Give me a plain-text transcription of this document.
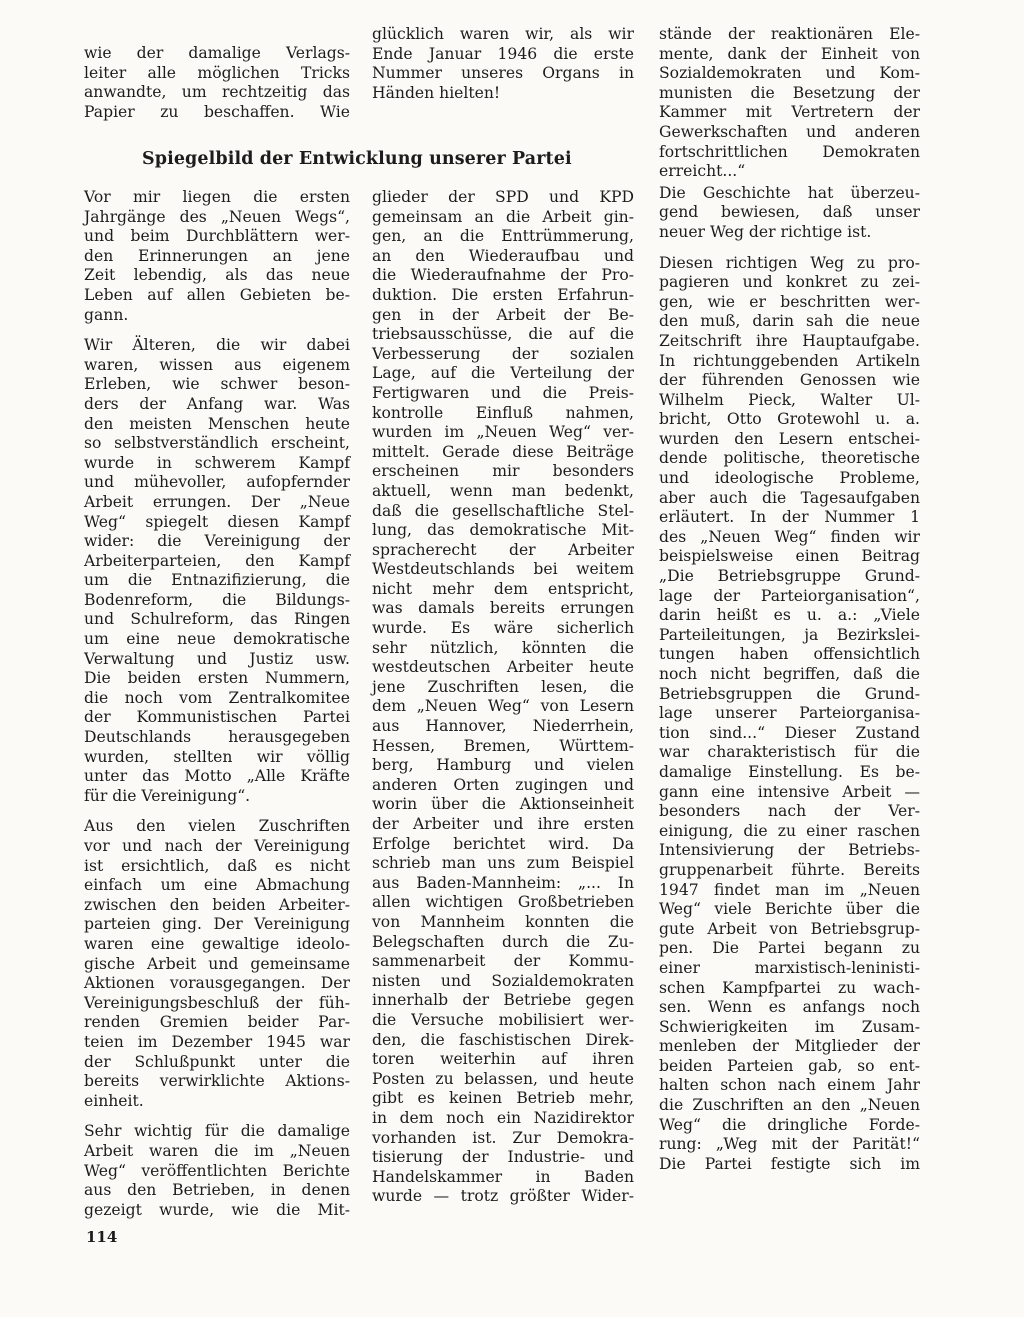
wie der damalige Verlags-
leiter alle möglichen Tricks
anwandte, um rechtzeitig das
Papier zu beschaffen. Wie

glücklich waren wir, als wir
Ende Januar 1946 die erste
Nummer unseres Organs in
Händen hielten!

Spiegelbild der Entwicklung unserer Partei

Vor mir liegen die ersten
Jahrgänge des „Neuen Wegs“,
und beim Durchblättern wer-
den Erinnerungen an jene
Zeit lebendig, als das neue
Leben auf allen Gebieten be-
gann.

Wir Älteren, die wir dabei
waren, wissen aus eigenem
Erleben, wie schwer beson-
ders der Anfang war. Was
den meisten Menschen heute
so selbstverständlich erscheint,
wurde in schwerem Kampf
und mühevoller, aufopfernder
Arbeit errungen. Der „Neue
Weg“ spiegelt diesen Kampf
wider: die Vereinigung der
Arbeiterparteien, den Kampf
um die Entnazifizierung, die
Bodenreform, die Bildungs-
und Schulreform, das Ringen
um eine neue demokratische
Verwaltung und Justiz usw.
Die beiden ersten Nummern,
die noch vom Zentralkomitee
der Kommunistischen Partei
Deutschlands herausgegeben
wurden, stellten wir völlig
unter das Motto „Alle Kräfte
für die Vereinigung“.

Aus den vielen Zuschriften
vor und nach der Vereinigung
ist ersichtlich, daß es nicht
einfach um eine Abmachung
zwischen den beiden Arbeiter-
parteien ging. Der Vereinigung
waren eine gewaltige ideolo-
gische Arbeit und gemeinsame
Aktionen vorausgegangen. Der
Vereinigungsbeschluß der füh-
renden Gremien beider Par-
teien im Dezember 1945 war
der Schlußpunkt unter die
bereits verwirklichte Aktions-
einheit.

Sehr wichtig für die damalige
Arbeit waren die im „Neuen
Weg“ veröffentlichten Berichte
aus den Betrieben, in denen
gezeigt wurde, wie die Mit-

glieder der SPD und KPD
gemeinsam an die Arbeit gin-
gen, an die Enttrümmerung,
an den Wiederaufbau und
die Wiederaufnahme der Pro-
duktion. Die ersten Erfahrun-
gen in der Arbeit der Be-
triebsausschüsse, die auf die
Verbesserung der sozialen
Lage, auf die Verteilung der
Fertigwaren und die Preis-
kontrolle Einfluß nahmen,
wurden im „Neuen Weg“ ver-
mittelt. Gerade diese Beiträge
erscheinen mir besonders
aktuell, wenn man bedenkt,
daß die gesellschaftliche Stel-
lung, das demokratische Mit-
spracherecht der Arbeiter
Westdeutschlands bei weitem
nicht mehr dem entspricht,
was damals bereits errungen
wurde. Es wäre sicherlich
sehr nützlich, könnten die
westdeutschen Arbeiter heute
jene Zuschriften lesen, die
dem „Neuen Weg“ von Lesern
aus Hannover, Niederrhein,
Hessen, Bremen, Württem-
berg, Hamburg und vielen
anderen Orten zugingen und
worin über die Aktionseinheit
der Arbeiter und ihre ersten
Erfolge berichtet wird. Da
schrieb man uns zum Beispiel
aus Baden-Mannheim: „... In
allen wichtigen Großbetrieben
von Mannheim konnten die
Belegschaften durch die Zu-
sammenarbeit der Kommu-
nisten und Sozialdemokraten
innerhalb der Betriebe gegen
die Versuche mobilisiert wer-
den, die faschistischen Direk-
toren weiterhin auf ihren
Posten zu belassen, und heute
gibt es keinen Betrieb mehr,
in dem noch ein Nazidirektor
vorhanden ist. Zur Demokra-
tisierung der Industrie- und
Handelskammer in Baden
wurde — trotz größter Wider-

stände der reaktionären Ele-
mente, dank der Einheit von
Sozialdemokraten und Kom-
munisten die Besetzung der
Kammer mit Vertretern der
Gewerkschaften und anderen
fortschrittlichen Demokraten
erreicht...“

Die Geschichte hat überzeu-
gend bewiesen, daß unser
neuer Weg der richtige ist.

Diesen richtigen Weg zu pro-
pagieren und konkret zu zei-
gen, wie er beschritten wer-
den muß, darin sah die neue
Zeitschrift ihre Hauptaufgabe.
In richtunggebenden Artikeln
der führenden Genossen wie
Wilhelm Pieck, Walter Ul-
bricht, Otto Grotewohl u. a.
wurden den Lesern entschei-
dende politische, theoretische
und ideologische Probleme,
aber auch die Tagesaufgaben
erläutert. In der Nummer 1
des „Neuen Weg“ finden wir
beispielsweise einen Beitrag
„Die Betriebsgruppe Grund-
lage der Parteiorganisation“,
darin heißt es u. a.: „Viele
Parteileitungen, ja Bezirkslei-
tungen haben offensichtlich
noch nicht begriffen, daß die
Betriebsgruppen die Grund-
lage unserer Parteiorganisa-
tion sind...“ Dieser Zustand
war charakteristisch für die
damalige Einstellung. Es be-
gann eine intensive Arbeit —
besonders nach der Ver-
einigung, die zu einer raschen
Intensivierung der Betriebs-
gruppenarbeit führte. Bereits
1947 findet man im „Neuen
Weg“ viele Berichte über die
gute Arbeit von Betriebsgrup-
pen. Die Partei begann zu
einer marxistisch-leninisti-
schen Kampfpartei zu wach-
sen. Wenn es anfangs noch
Schwierigkeiten im Zusam-
menleben der Mitglieder der
beiden Parteien gab, so ent-
halten schon nach einem Jahr
die Zuschriften an den „Neuen
Weg“ die dringliche Forde-
rung: „Weg mit der Parität!“
Die Partei festigte sich im

114
